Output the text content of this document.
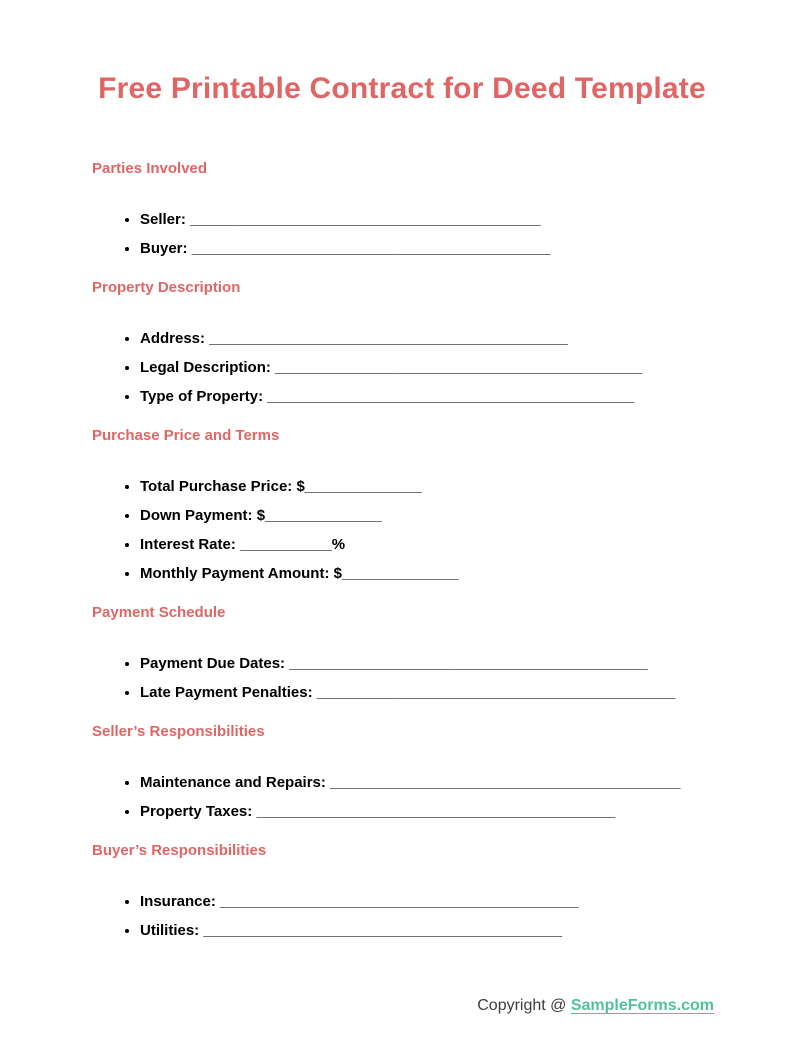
Free Printable Contract for Deed Template
Parties Involved
• Seller: __________________________________________
• Buyer: ___________________________________________
Property Description
• Address: ___________________________________________
• Legal Description: ____________________________________________
• Type of Property: ____________________________________________
Purchase Price and Terms
• Total Purchase Price: $______________
• Down Payment: $______________
• Interest Rate: ___________%
• Monthly Payment Amount: $______________
Payment Schedule
• Payment Due Dates: ___________________________________________
• Late Payment Penalties: ___________________________________________
Seller’s Responsibilities
• Maintenance and Repairs: __________________________________________
• Property Taxes: ___________________________________________
Buyer’s Responsibilities
• Insurance: ___________________________________________
• Utilities: ___________________________________________
Copyright @ SampleForms.com
